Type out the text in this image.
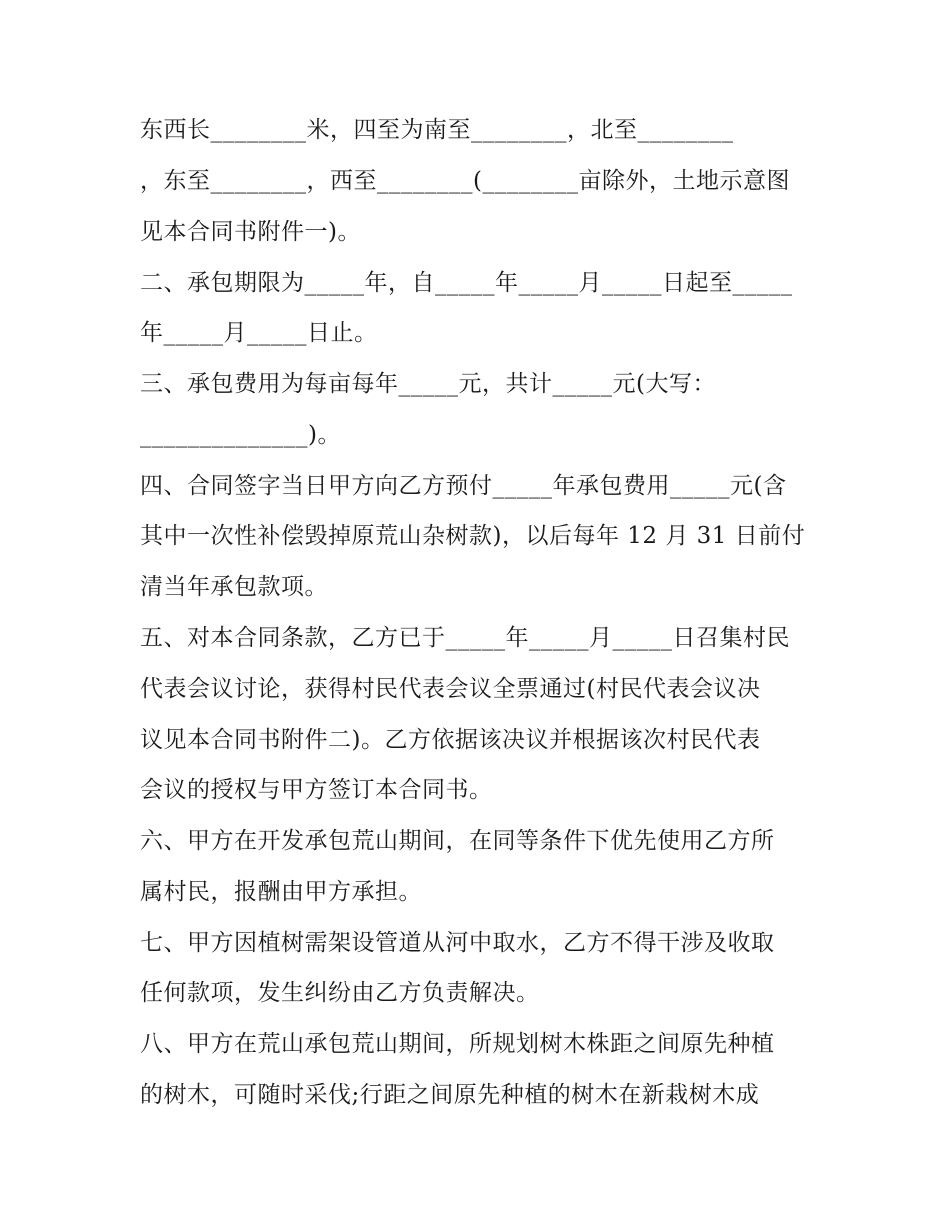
东西长________米，四至为南至________，北至________
，东至________，西至________(________亩除外，土地示意图
见本合同书附件一)。
二、承包期限为_____年，自_____年_____月_____日起至_____
年_____月_____日止。
三、承包费用为每亩每年_____元，共计_____元(大写：
______________)。
四、合同签字当日甲方向乙方预付_____年承包费用_____元(含
其中一次性补偿毁掉原荒山杂树款)，以后每年 12 月 31 日前付
清当年承包款项。
五、对本合同条款，乙方已于_____年_____月_____日召集村民
代表会议讨论，获得村民代表会议全票通过(村民代表会议决
议见本合同书附件二)。乙方依据该决议并根据该次村民代表
会议的授权与甲方签订本合同书。
六、甲方在开发承包荒山期间，在同等条件下优先使用乙方所
属村民，报酬由甲方承担。
七、甲方因植树需架设管道从河中取水，乙方不得干涉及收取
任何款项，发生纠纷由乙方负责解决。
八、甲方在荒山承包荒山期间，所规划树木株距之间原先种植
的树木，可随时采伐;行距之间原先种植的树木在新栽树木成
